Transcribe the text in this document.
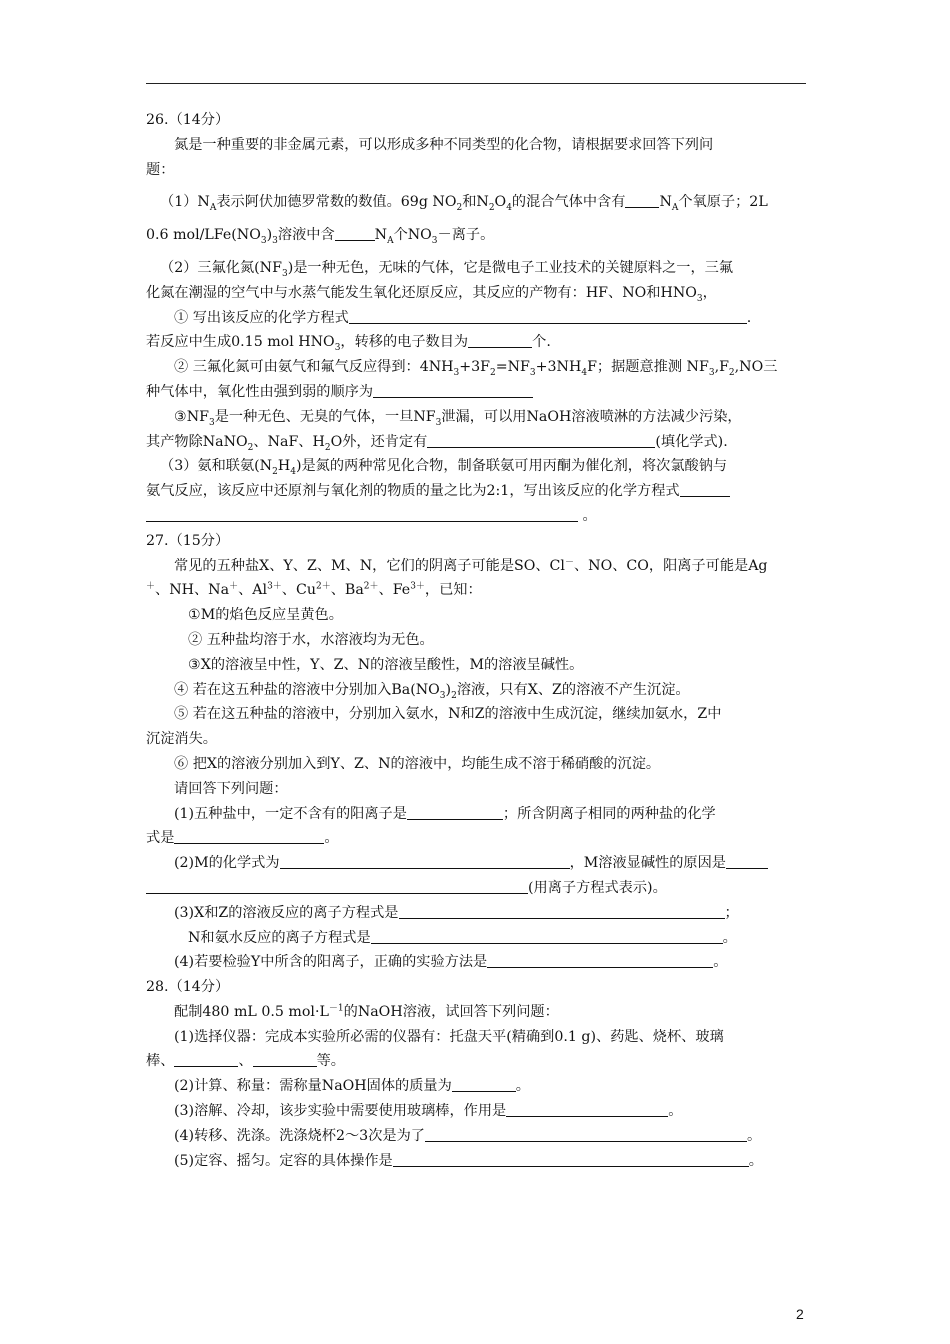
26.（14分）
氮是一种重要的非金属元素，可以形成多种不同类型的化合物，请根据要求回答下列问
题：
$(1)N_A$表示阿伏加德罗常数的数值。69g $NO_2$和$N_2O_4$的混合气体中含有 $N_A$个氧原子；2L
0.6 mol/$LFe(NO_3)_3$溶液中含	$N_A$个$NO_3-$离子。
（2）三氟化氮$(NF_3)$是一种无色，无味的气体，它是微电子工业技术的关键原料之一，三氟
化氮在潮湿的空气中与水蒸气能发生氧化还原反应，其反应的产物有：HF、NO和$HNO_3$，
① 写出该反应的化学方程式	.
若反应中生成0.15 mol $HNO_3$，转移的电子数目为	个.
② 三氟化氮可由氨气和氟气反应得到：$4NH_3+3F_2=NF_3+3NH_4F$；据题意推测 $NF_3,F_2,NO$三
种气体中，氧化性由强到弱的顺序为
$③NF_3$是一种无色、无臭的气体，一旦$NF_3$泄漏，可以用NaOH溶液喷淋的方法减少污染，
其产物除NaNO$_2$、NaF、$H_2O$外，还肯定有	(填化学式).
（3）氨和联氨$(N_2H_4)$是氮的两种常见化合物，制备联氨可用丙酮为催化剂，将次氯酸钠与
氨气反应，该反应中还原剂与氧化剂的物质的量之比为2:1，写出该反应的化学方程式
。
27.（15分）
常见的五种盐X、Y、Z、M、N，它们的阴离子可能是SO、Cl－、NO、CO，阳离子可能是Ag
＋、NH、Na＋、$Al^{3+}$、$Cu^{2+}$、$Ba^{2+}$、$Fe^{3+}$，已知：
①M的焰色反应呈黄色。
② 五种盐均溶于水，水溶液均为无色。
③X的溶液呈中性，Y、Z、N的溶液呈酸性，M的溶液呈碱性。
④ 若在这五种盐的溶液中分别加入$Ba(NO_3)_2$溶液，只有X、Z的溶液不产生沉淀。
⑤ 若在这五种盐的溶液中，分别加入氨水，N和Z的溶液中生成沉淀，继续加氨水，Z中
沉淀消失。
⑥ 把X的溶液分别加入到Y、Z、N的溶液中，均能生成不溶于稀硝酸的沉淀。
请回答下列问题：
(1)五种盐中，一定不含有的阳离子是	；所含阴离子相同的两种盐的化学
式是	。
(2)M的化学式为	，M溶液显碱性的原因是
(用离子方程式表示)。
(3)X和Z的溶液反应的离子方程式是	；
N和氨水反应的离子方程式是	。
(4)若要检验Y中所含的阳离子，正确的实验方法是	。
28.（14分）
配制480 mL 0.5 $mol\cdot L^{-1}$的NaOH溶液，试回答下列问题：
(1)选择仪器：完成本实验所必需的仪器有：托盘天平(精确到0.1 g)、药匙、烧杯、玻璃
棒、	、	等。
(2)计算、称量：需称量NaOH固体的质量为	。
(3)溶解、冷却，该步实验中需要使用玻璃棒，作用是	。
(4)转移、洗涤。洗涤烧杯2～3次是为了	。
(5)定容、摇匀。定容的具体操作是	。
2
